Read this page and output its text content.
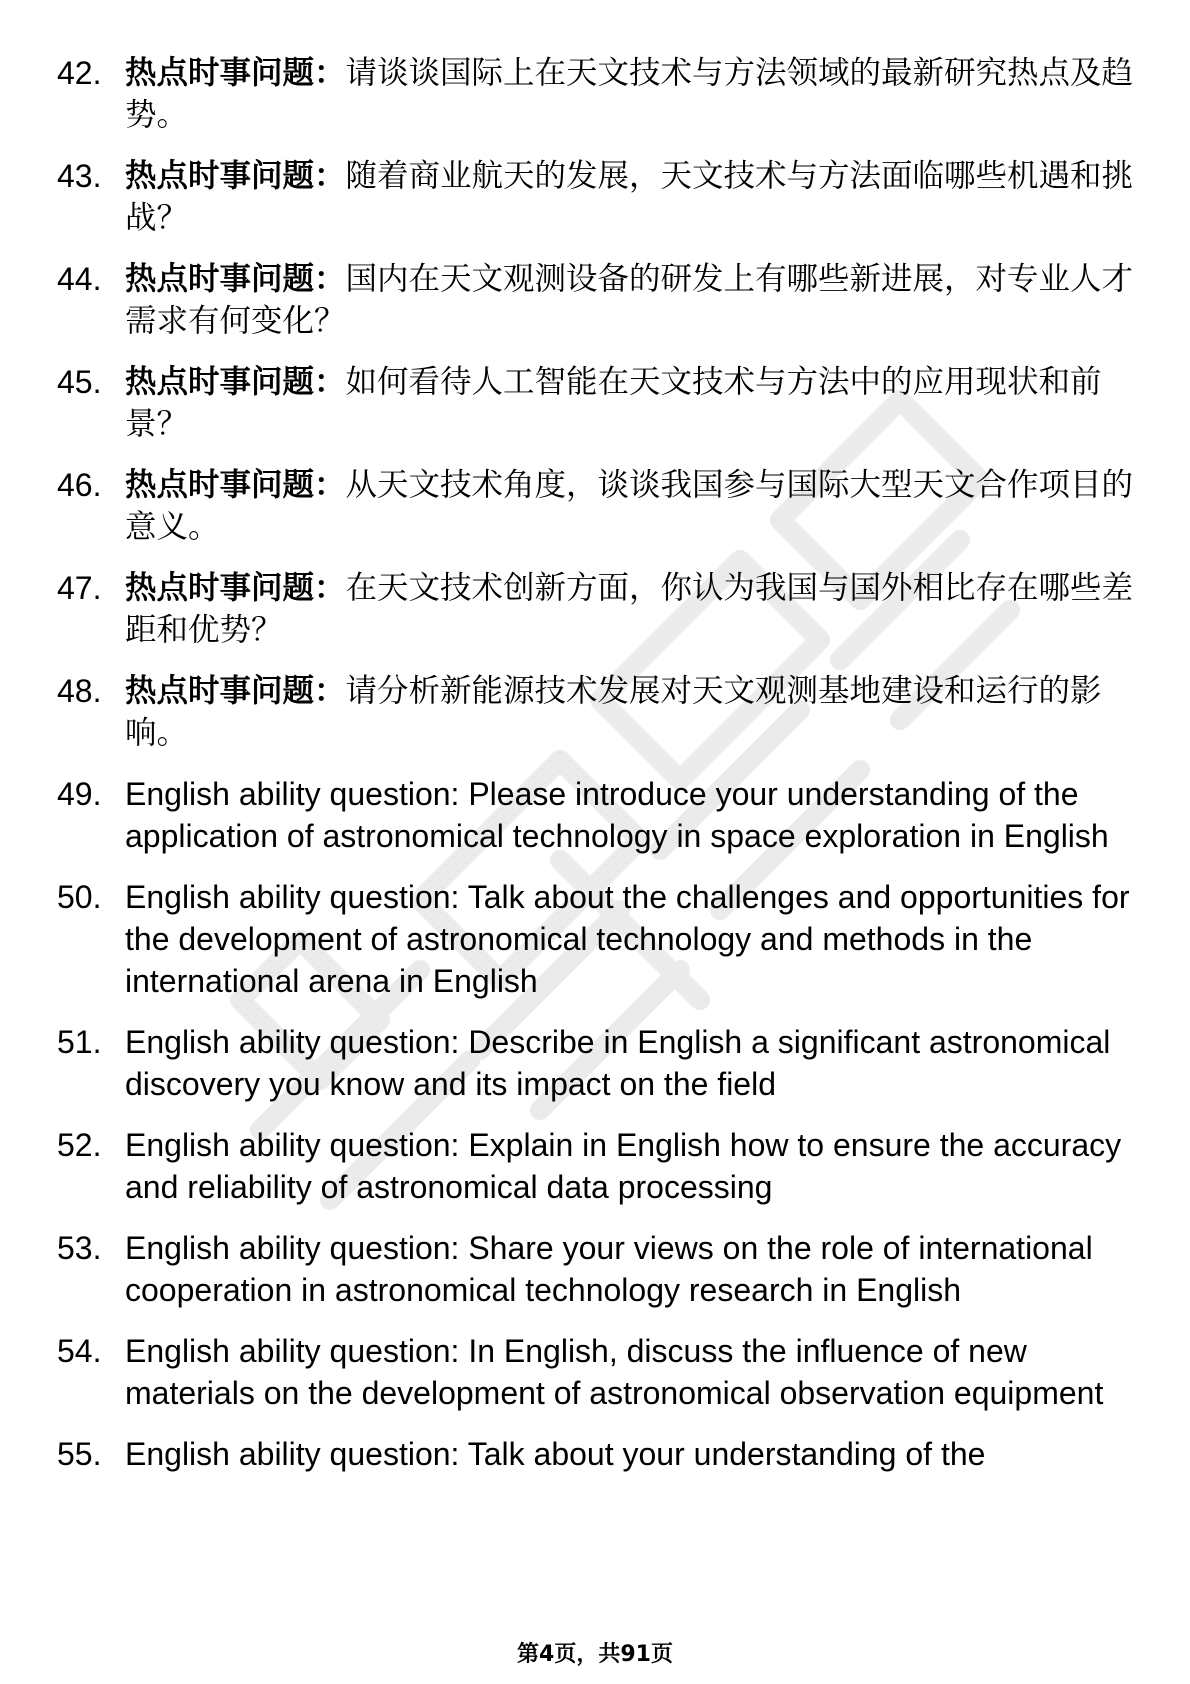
42. 热点时事问题：请谈谈国际上在天文技术与方法领域的最新研究热点及趋势。
43. 热点时事问题：随着商业航天的发展，天文技术与方法面临哪些机遇和挑战？
44. 热点时事问题：国内在天文观测设备的研发上有哪些新进展，对专业人才需求有何变化？
45. 热点时事问题：如何看待人工智能在天文技术与方法中的应用现状和前景？
46. 热点时事问题：从天文技术角度，谈谈我国参与国际大型天文合作项目的意义。
47. 热点时事问题：在天文技术创新方面，你认为我国与国外相比存在哪些差距和优势？
48. 热点时事问题：请分析新能源技术发展对天文观测基地建设和运行的影响。
49. English ability question: Please introduce your understanding of the application of astronomical technology in space exploration in English
50. English ability question: Talk about the challenges and opportunities for the development of astronomical technology and methods in the international arena in English
51. English ability question: Describe in English a significant astronomical discovery you know and its impact on the field
52. English ability question: Explain in English how to ensure the accuracy and reliability of astronomical data processing
53. English ability question: Share your views on the role of international cooperation in astronomical technology research in English
54. English ability question: In English, discuss the influence of new materials on the development of astronomical observation equipment
55. English ability question: Talk about your understanding of the
第4页，共91页
